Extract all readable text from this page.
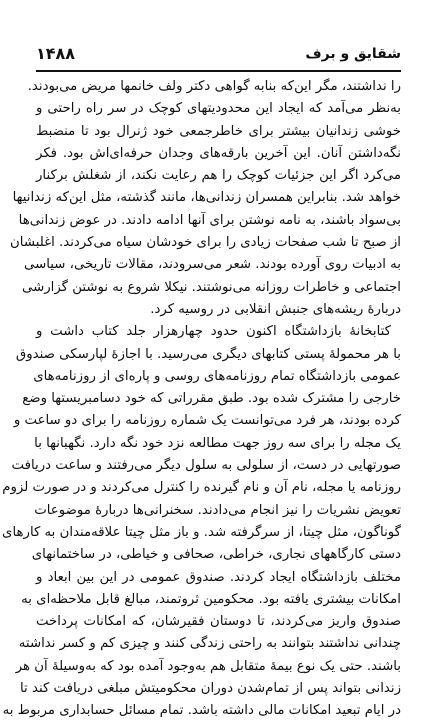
شقایق و برف
۱۴۸۸
را نداشتند، مگر این‌که بنابه گواهی دکتر ولف خانمها مریض می‌بودند.
به‌نظر می‌آمد که ایجاد این محدودیتهای کوچک در سر راه راحتی و
خوشی زندانیان بیشتر برای خاطرجمعی خود ژنرال بود تا منضبط
نگه‌داشتن آنان. این آخرین بارقه‌های وجدان حرفه‌ای‌اش بود. فکر
می‌کرد اگر این جزئیات کوچک را هم رعایت نکند، از شغلش برکنار
خواهد شد. بنابراین همسران زندانی‌ها، مانند گذشته، مثل این‌که زندانیها
بی‌سواد باشند، به نامه نوشتن برای آنها ادامه دادند. در عوض زندانی‌ها
از صبح تا شب صفحات زیادی را برای خودشان سیاه می‌کردند. اغلبشان
به ادبیات روی آورده بودند. شعر می‌سرودند، مقالات تاریخی، سیاسی
اجتماعی و خاطرات روزانه می‌نوشتند. نیکلا شروع به نوشتن گزارشی
دربارهٔ ریشه‌های جنبش انقلابی در روسیه کرد.
کتابخانهٔ بازداشتگاه اکنون حدود چهارهزار جلد کتاب داشت و
با هر محمولهٔ پستی کتابهای دیگری می‌رسید. با اجازهٔ لپارسکی صندوق
عمومی بازداشتگاه تمام روزنامه‌های روسی و پاره‌ای از روزنامه‌های
خارجی را مشترک شده بود. طبق مقرراتی که خود دسامبریستها وضع
کرده بودند، هر فرد می‌توانست یک شماره روزنامه را برای دو ساعت و
یک مجله را برای سه روز جهت مطالعه نزد خود نگه دارد. نگهبانها با
صورتهایی در دست، از سلولی به سلول دیگر می‌رفتند و ساعت دریافت
روزنامه یا مجله، نام آن و نام گیرنده را کنترل می‌کردند و در صورت لزوم
تعویض نشریات را نیز انجام می‌دادند. سخنرانی‌ها دربارهٔ موضوعات
گوناگون، مثل چیتا، از سرگرفته شد. و باز مثل چیتا علاقه‌مندان به کارهای
دستی کارگاههای نجاری، خراطی، صحافی و خیاطی، در ساختمانهای
مختلف بازداشتگاه ایجاد کردند. صندوق عمومی در این بین ابعاد و
امکانات بیشتری یافته بود. محکومین ثروتمند، مبالغ قابل ملاحظه‌ای به
صندوق واریز می‌کردند، تا دوستان فقیرشان، که امکانات پرداخت
چندانی نداشتند بتوانند به راحتی زندگی کنند و چیزی کم و کسر نداشته
باشند. حتی یک نوع بیمهٔ متقابل هم به‌وجود آمده بود که به‌وسیلهٔ آن هر
زندانی بتواند پس از تمام‌شدن دوران محکومیتش مبلغی دریافت کند تا
در ایام تبعید امکانات مالی داشته باشد. تمام مسائل حسابداری مربوط به
